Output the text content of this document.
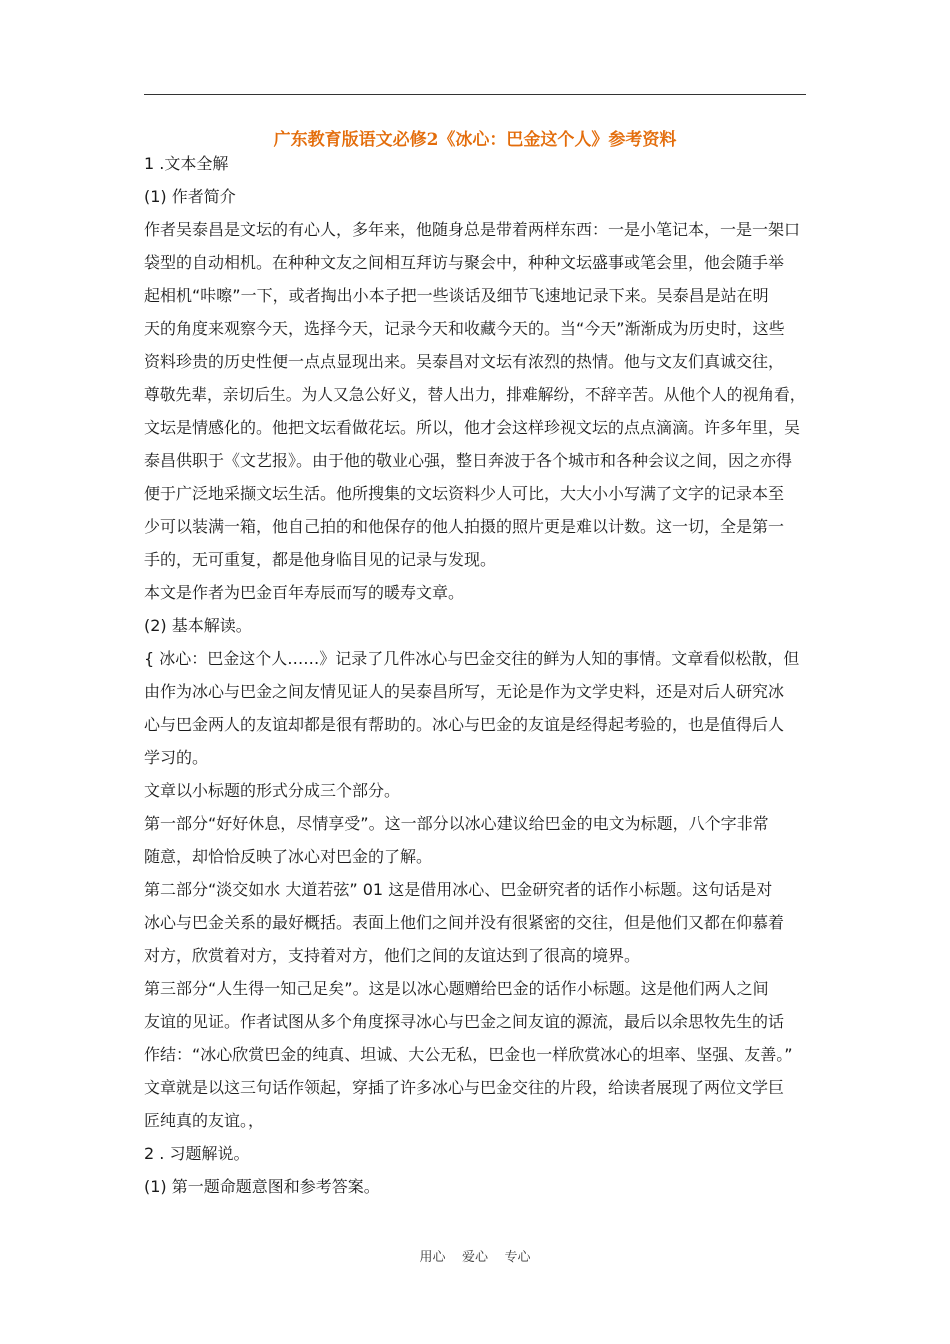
广东教育版语文必修2《冰心：巴金这个人》参考资料

1 .文本全解

(1) 作者简介

作者吴泰昌是文坛的有心人，多年来，他随身总是带着两样东西：一是小笔记本，一是一架口

袋型的自动相机。在种种文友之间相互拜访与聚会中，种种文坛盛事或笔会里，他会随手举

起相机“咔嚓”一下，或者掏出小本子把一些谈话及细节飞速地记录下来。吴泰昌是站在明

天的角度来观察今天，选择今天，记录今天和收藏今天的。当“今天”渐渐成为历史时，这些

资料珍贵的历史性便一点点显现出来。吴泰昌对文坛有浓烈的热情。他与文友们真诚交往，

尊敬先辈，亲切后生。为人又急公好义，替人出力，排难解纷，不辞辛苦。从他个人的视角看，

文坛是情感化的。他把文坛看做花坛。所以，他才会这样珍视文坛的点点滴滴。许多年里，吴

泰昌供职于《文艺报》。由于他的敬业心强，整日奔波于各个城市和各种会议之间，因之亦得

便于广泛地采撷文坛生活。他所搜集的文坛资料少人可比，大大小小写满了文字的记录本至

少可以装满一箱，他自己拍的和他保存的他人拍摄的照片更是难以计数。这一切，全是第一

手的，无可重复，都是他身临目见的记录与发现。

本文是作者为巴金百年寿辰而写的暖寿文章。

(2) 基本解读。

{ 冰心：巴金这个人……》记录了几件冰心与巴金交往的鲜为人知的事情。文章看似松散，但

由作为冰心与巴金之间友情见证人的吴泰昌所写，无论是作为文学史料，还是对后人研究冰

心与巴金两人的友谊却都是很有帮助的。冰心与巴金的友谊是经得起考验的，也是值得后人

学习的。

文章以小标题的形式分成三个部分。

第一部分“好好休息，尽情享受”。这一部分以冰心建议给巴金的电文为标题，八个字非常

随意，却恰恰反映了冰心对巴金的了解。

第二部分“淡交如水 大道若弦” 01 这是借用冰心、巴金研究者的话作小标题。这句话是对

冰心与巴金关系的最好概括。表面上他们之间并没有很紧密的交往，但是他们又都在仰慕着

对方，欣赏着对方，支持着对方，他们之间的友谊达到了很高的境界。

第三部分“人生得一知己足矣”。这是以冰心题赠给巴金的话作小标题。这是他们两人之间

友谊的见证。作者试图从多个角度探寻冰心与巴金之间友谊的源流，最后以余思牧先生的话

作结：“冰心欣赏巴金的纯真、坦诚、大公无私，巴金也一样欣赏冰心的坦率、坚强、友善。”

文章就是以这三句话作领起，穿插了许多冰心与巴金交往的片段，给读者展现了两位文学巨

匠纯真的友谊。，

2 . 习题解说。

(1) 第一题命题意图和参考答案。

用心    爱心    专心
